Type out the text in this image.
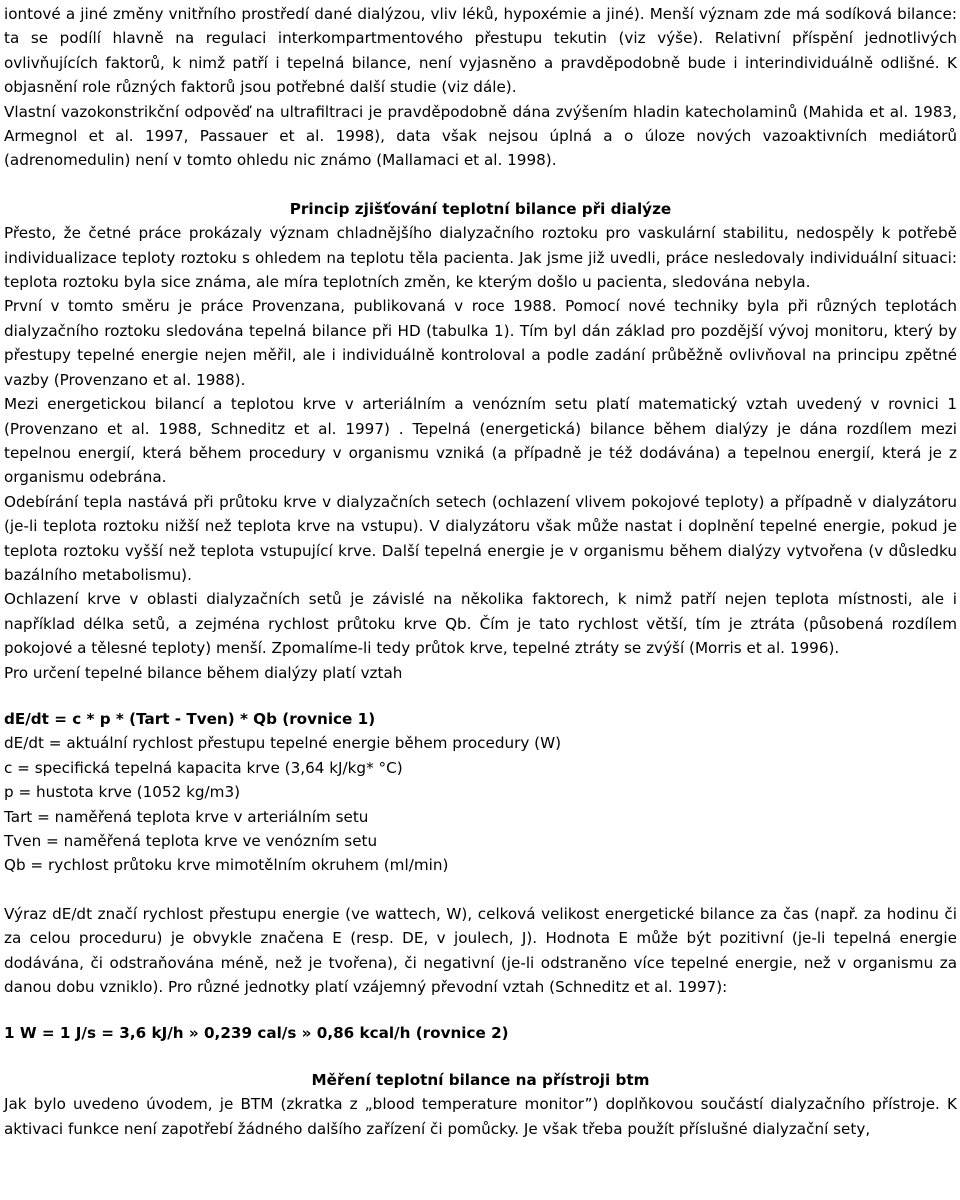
iontové a jiné změny vnitřního prostředí dané dialýzou, vliv léků, hypoxémie a jiné). Menší význam zde má sodíková bilance: ta se podílí hlavně na regulaci interkompartmentového přestupu tekutin (viz výše). Relativní příspění jednotlivých ovlivňujících faktorů, k nimž patří i tepelná bilance, není vyjasněno a pravděpodobně bude i interindividuálně odlišné. K objasnění role různých faktorů jsou potřebné další studie (viz dále).

Vlastní vazokonstrikční odpověď na ultrafiltraci je pravděpodobně dána zvýšením hladin katecholaminů (Mahida et al. 1983, Armegnol et al. 1997, Passauer et al. 1998), data však nejsou úplná a o úloze nových vazoaktivních mediátorů (adrenomedulin) není v tomto ohledu nic známo (Mallamaci et al. 1998).

Princip zjišťování teplotní bilance při dialýze

Přesto, že četné práce prokázaly význam chladnějšího dialyzačního roztoku pro vaskulární stabilitu, nedospěly k potřebě individualizace teploty roztoku s ohledem na teplotu těla pacienta. Jak jsme již uvedli, práce nesledovaly individuální situaci: teplota roztoku byla sice známa, ale míra teplotních změn, ke kterým došlo u pacienta, sledována nebyla.

První v tomto směru je práce Provenzana, publikovaná v roce 1988. Pomocí nové techniky byla při různých teplotách dialyzačního roztoku sledována tepelná bilance při HD (tabulka 1). Tím byl dán základ pro pozdější vývoj monitoru, který by přestupy tepelné energie nejen měřil, ale i individuálně kontroloval a podle zadání průběžně ovlivňoval na principu zpětné vazby (Provenzano et al. 1988).

Mezi energetickou bilancí a teplotou krve v arteriálním a venózním setu platí matematický vztah uvedený v rovnici 1 (Provenzano et al. 1988, Schneditz et al. 1997) . Tepelná (energetická) bilance během dialýzy je dána rozdílem mezi tepelnou energií, která během procedury v organismu vzniká (a případně je též dodávána) a tepelnou energií, která je z organismu odebrána.

Odebírání tepla nastává při průtoku krve v dialyzačních setech (ochlazení vlivem pokojové teploty) a případně v dialyzátoru (je-li teplota roztoku nižší než teplota krve na vstupu). V dialyzátoru však může nastat i doplnění tepelné energie, pokud je teplota roztoku vyšší než teplota vstupující krve. Další tepelná energie je v organismu během dialýzy vytvořena (v důsledku bazálního metabolismu).

Ochlazení krve v oblasti dialyzačních setů je závislé na několika faktorech, k nimž patří nejen teplota místnosti, ale i například délka setů, a zejména rychlost průtoku krve Qb. Čím je tato rychlost větší, tím je ztráta (působená rozdílem pokojové a tělesné teploty) menší. Zpomalíme-li tedy průtok krve, tepelné ztráty se zvýší (Morris et al. 1996).

Pro určení tepelné bilance během dialýzy platí vztah

dE/dt = c * p * (Tart - Tven) * Qb (rovnice 1)

dE/dt = aktuální rychlost přestupu tepelné energie během procedury (W)

c = specifická tepelná kapacita krve (3,64 kJ/kg* °C)

p = hustota krve (1052 kg/m3)

Tart = naměřená teplota krve v arteriálním setu

Tven = naměřená teplota krve ve venózním setu

Qb = rychlost průtoku krve mimotělním okruhem (ml/min)

Výraz dE/dt značí rychlost přestupu energie (ve wattech, W), celková velikost energetické bilance za čas (např. za hodinu či za celou proceduru) je obvykle značena E (resp. DE, v joulech, J). Hodnota E může být pozitivní (je-li tepelná energie dodávána, či odstraňována méně, než je tvořena), či negativní (je-li odstraněno více tepelné energie, než v organismu za danou dobu vzniklo). Pro různé jednotky platí vzájemný převodní vztah (Schneditz et al. 1997):

1 W = 1 J/s = 3,6 kJ/h » 0,239 cal/s » 0,86 kcal/h (rovnice 2)

Měření teplotní bilance na přístroji btm

Jak bylo uvedeno úvodem, je BTM (zkratka z „blood temperature monitor”) doplňkovou součástí dialyzačního přístroje. K aktivaci funkce není zapotřebí žádného dalšího zařízení či pomůcky. Je však třeba použít příslušné dialyzační sety,
